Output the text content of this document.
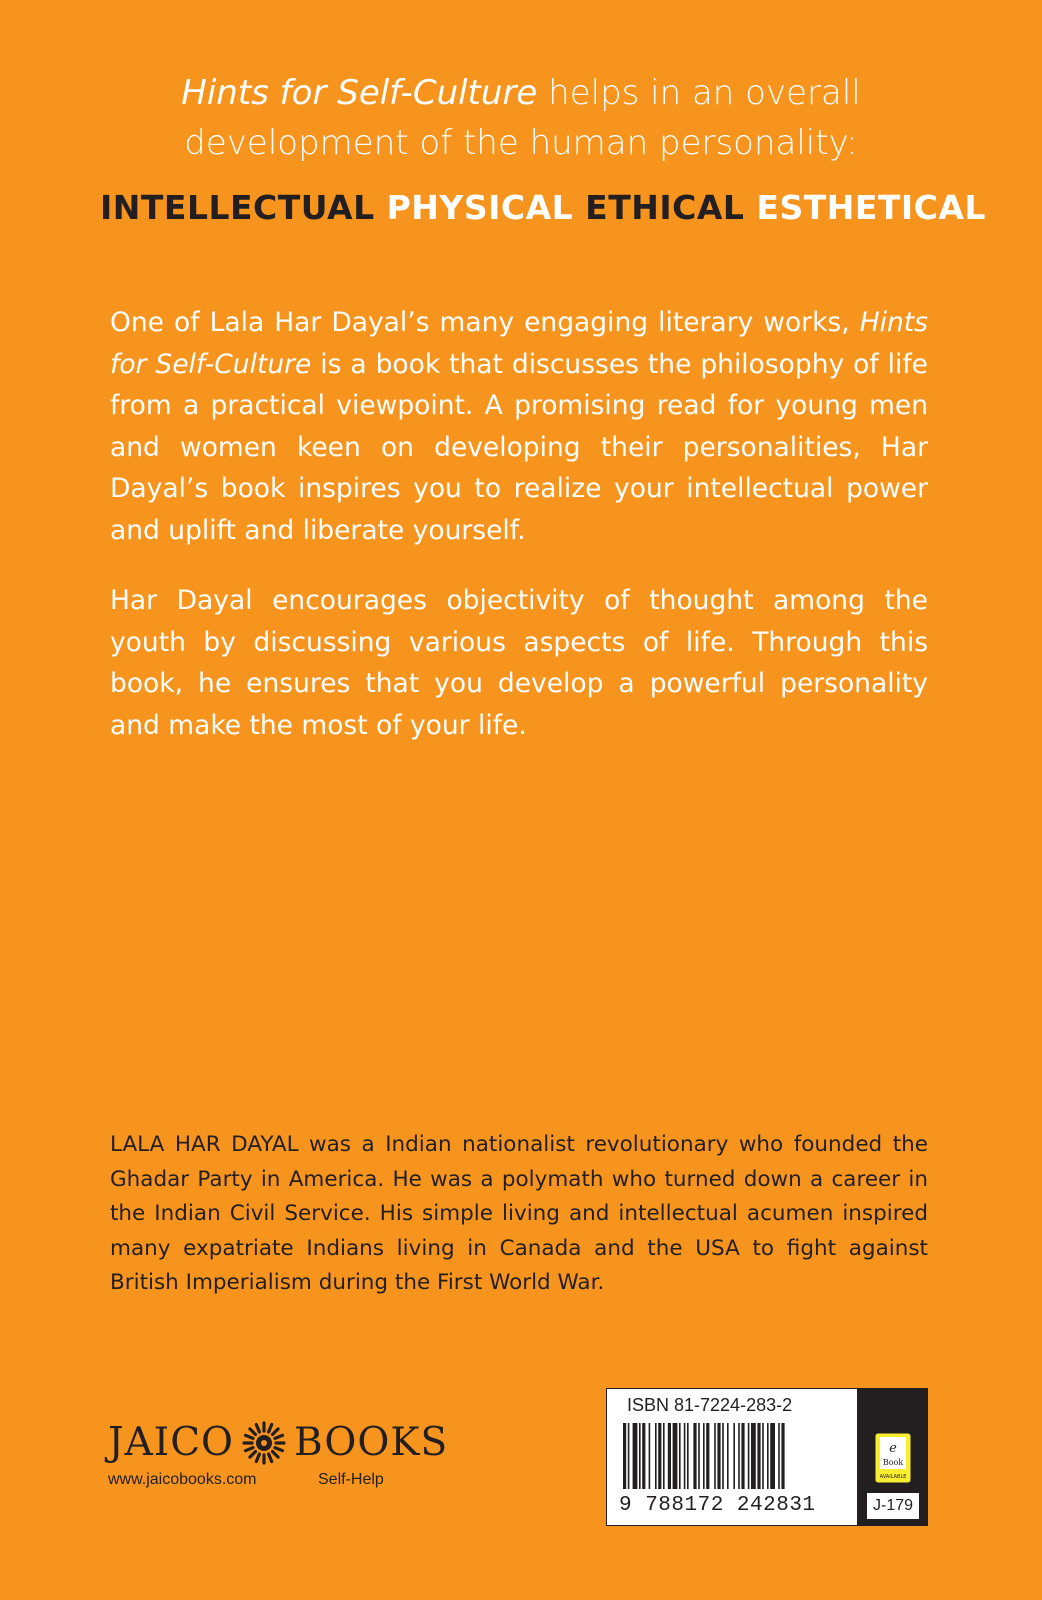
Hints for Self-Culture helps in an overall development of the human personality:
INTELLECTUAL PHYSICAL ETHICAL ESTHETICAL

One of Lala Har Dayal’s many engaging literary works, Hints for Self-Culture is a book that discusses the philosophy of life from a practical viewpoint. A promising read for young men and women keen on developing their personalities, Har Dayal’s book inspires you to realize your intellectual power and uplift and liberate yourself.

Har Dayal encourages objectivity of thought among the youth by discussing various aspects of life. Through this book, he ensures that you develop a powerful personality and make the most of your life.

LALA HAR DAYAL was a Indian nationalist revolutionary who founded the Ghadar Party in America. He was a polymath who turned down a career in the Indian Civil Service. His simple living and intellectual acumen inspired many expatriate Indians living in Canada and the USA to fight against British Imperialism during the First World War.

JAICO BOOKS
www.jaicobooks.com	Self-Help
ISBN 81-7224-283-2
9 788172 242831
e
Book
AVAILABLE
J-179
